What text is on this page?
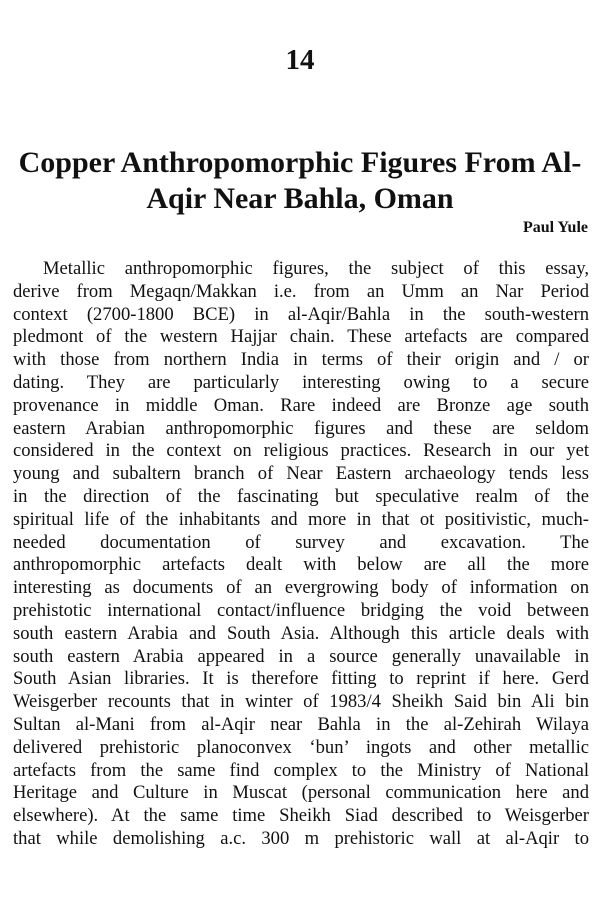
14
Copper Anthropomorphic Figures From Al-
Aqir Near Bahla, Oman
Paul Yule
Metallic anthropomorphic figures, the subject of this essay,
derive from Megaqn/Makkan i.e. from an Umm an Nar Period
context (2700-1800 BCE) in al-Aqir/Bahla in the south-western
pledmont of the western Hajjar chain. These artefacts are compared
with those from northern India in terms of their origin and / or
dating. They are particularly interesting owing to a secure
provenance in middle Oman. Rare indeed are Bronze age south
eastern Arabian anthropomorphic figures and these are seldom
considered in the context on religious practices. Research in our yet
young and subaltern branch of Near Eastern archaeology tends less
in the direction of the fascinating but speculative realm of the
spiritual life of the inhabitants and more in that ot positivistic, much-
needed documentation of survey and excavation. The
anthropomorphic artefacts dealt with below are all the more
interesting as documents of an evergrowing body of information on
prehistotic international contact/influence bridging the void between
south eastern Arabia and South Asia. Although this article deals with
south eastern Arabia appeared in a source generally unavailable in
South Asian libraries. It is therefore fitting to reprint if here. Gerd
Weisgerber recounts that in winter of 1983/4 Sheikh Said bin Ali bin
Sultan al-Mani from al-Aqir near Bahla in the al-Zehirah Wilaya
delivered prehistoric planoconvex ‘bun’ ingots and other metallic
artefacts from the same find complex to the Ministry of National
Heritage and Culture in Muscat (personal communication here and
elsewhere). At the same time Sheikh Siad described to Weisgerber
that while demolishing a.c. 300 m prehistoric wall at al-Aqir to
